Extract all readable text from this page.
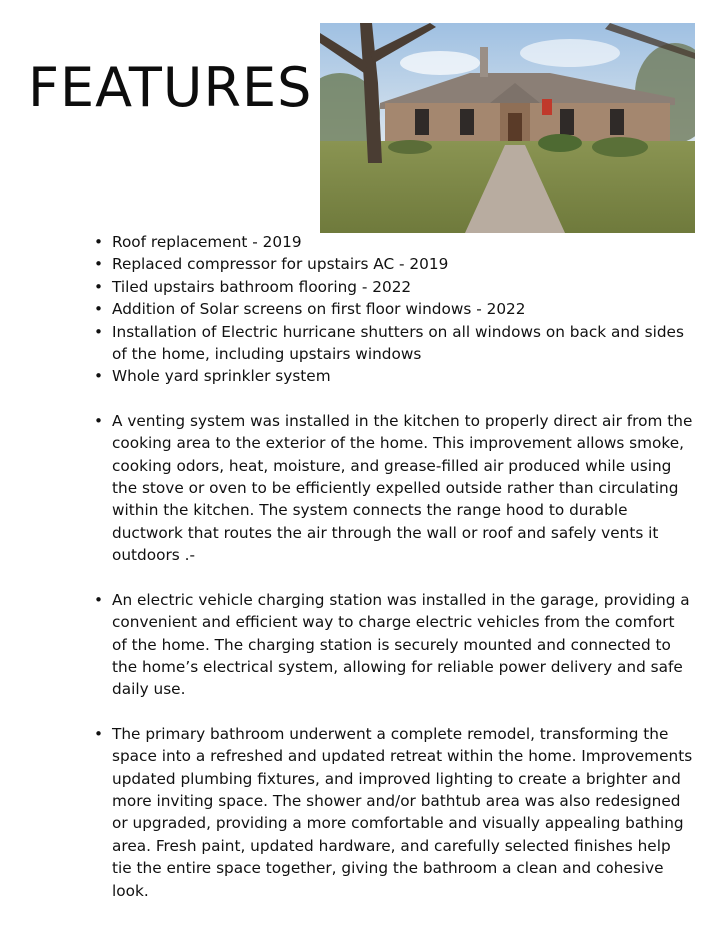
FEATURES
• Roof replacement - 2019
• Replaced compressor for upstairs AC - 2019
• Tiled upstairs bathroom flooring - 2022
• Addition of Solar screens on first floor windows - 2022
• Installation of Electric hurricane shutters on all windows on back and sides of the home, including upstairs windows
• Whole yard sprinkler system
• A venting system was installed in the kitchen to properly direct air from the cooking area to the exterior of the home. This improvement allows smoke, cooking odors, heat, moisture, and grease-filled air produced while using the stove or oven to be efficiently expelled outside rather than circulating within the kitchen. The system connects the range hood to durable ductwork that routes the air through the wall or roof and safely vents it outdoors .-
• An electric vehicle charging station was installed in the garage, providing a convenient and efficient way to charge electric vehicles from the comfort of the home. The charging station is securely mounted and connected to the home’s electrical system, allowing for reliable power delivery and safe daily use.
• The primary bathroom underwent a complete remodel, transforming the space into a refreshed and updated retreat within the home. Improvements updated plumbing fixtures, and improved lighting to create a brighter and more inviting space. The shower and/or bathtub area was also redesigned or upgraded, providing a more comfortable and visually appealing bathing area. Fresh paint, updated hardware, and carefully selected finishes help tie the entire space together, giving the bathroom a clean and cohesive look.
